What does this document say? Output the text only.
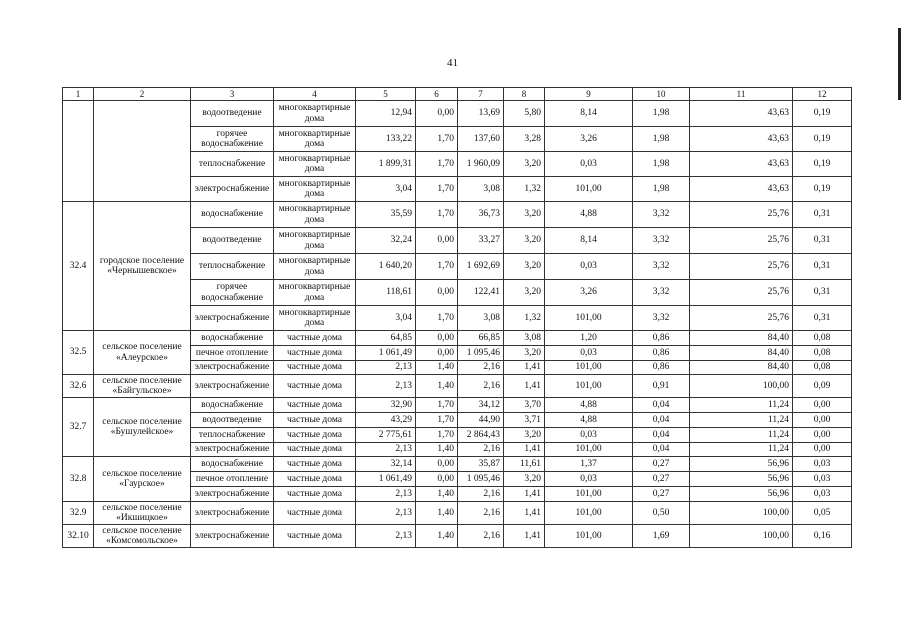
41
1	2	3	4	5	6	7	8	9	10	11	12
		водоотведение	многоквартирные дома	12,94	0,00	13,69	5,80	8,14	1,98	43,63	0,19
		горячее водоснабжение	многоквартирные дома	133,22	1,70	137,60	3,28	3,26	1,98	43,63	0,19
		теплоснабжение	многоквартирные дома	1 899,31	1,70	1 960,09	3,20	0,03	1,98	43,63	0,19
		электроснабжение	многоквартирные дома	3,04	1,70	3,08	1,32	101,00	1,98	43,63	0,19
32.4	городское поселение «Чернышевское»	водоснабжение	многоквартирные дома	35,59	1,70	36,73	3,20	4,88	3,32	25,76	0,31
		водоотведение	многоквартирные дома	32,24	0,00	33,27	3,20	8,14	3,32	25,76	0,31
		теплоснабжение	многоквартирные дома	1 640,20	1,70	1 692,69	3,20	0,03	3,32	25,76	0,31
		горячее водоснабжение	многоквартирные дома	118,61	0,00	122,41	3,20	3,26	3,32	25,76	0,31
		электроснабжение	многоквартирные дома	3,04	1,70	3,08	1,32	101,00	3,32	25,76	0,31
32.5	сельское поселение «Алеурское»	водоснабжение	частные дома	64,85	0,00	66,85	3,08	1,20	0,86	84,40	0,08
		печное отопление	частные дома	1 061,49	0,00	1 095,46	3,20	0,03	0,86	84,40	0,08
		электроснабжение	частные дома	2,13	1,40	2,16	1,41	101,00	0,86	84,40	0,08
32.6	сельское поселение «Байгульское»	электроснабжение	частные дома	2,13	1,40	2,16	1,41	101,00	0,91	100,00	0,09
32.7	сельское поселение «Бушулейское»	водоснабжение	частные дома	32,90	1,70	34,12	3,70	4,88	0,04	11,24	0,00
		водоотведение	частные дома	43,29	1,70	44,90	3,71	4,88	0,04	11,24	0,00
		теплоснабжение	частные дома	2 775,61	1,70	2 864,43	3,20	0,03	0,04	11,24	0,00
		электроснабжение	частные дома	2,13	1,40	2,16	1,41	101,00	0,04	11,24	0,00
32.8	сельское поселение «Гаурское»	водоснабжение	частные дома	32,14	0,00	35,87	11,61	1,37	0,27	56,96	0,03
		печное отопление	частные дома	1 061,49	0,00	1 095,46	3,20	0,03	0,27	56,96	0,03
		электроснабжение	частные дома	2,13	1,40	2,16	1,41	101,00	0,27	56,96	0,03
32.9	сельское поселение «Икшицкое»	электроснабжение	частные дома	2,13	1,40	2,16	1,41	101,00	0,50	100,00	0,05
32.10	сельское поселение «Комсомольское»	электроснабжение	частные дома	2,13	1,40	2,16	1,41	101,00	1,69	100,00	0,16
